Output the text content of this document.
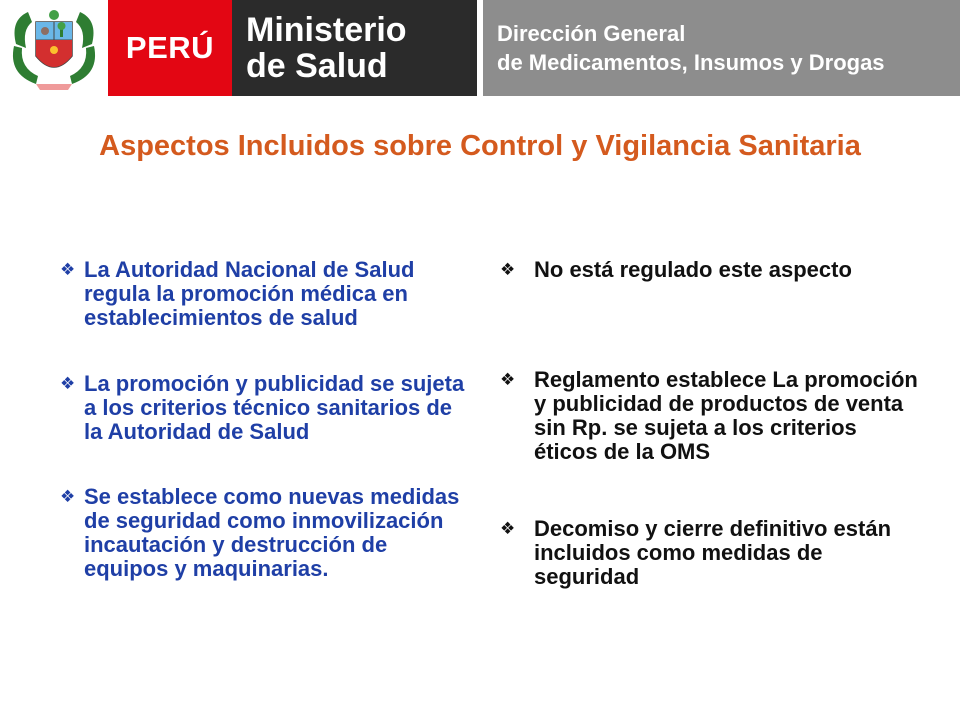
PERÚ Ministerio
de Salud
Dirección General
de Medicamentos, Insumos y Drogas
Aspectos Incluidos sobre Control y Vigilancia Sanitaria
❖ La Autoridad Nacional de Salud regula la promoción médica en establecimientos de salud
❖ La promoción y publicidad se sujeta a los criterios técnico sanitarios de la Autoridad de Salud
❖ Se establece como nuevas medidas de seguridad como inmovilización incautación y destrucción de equipos y maquinarias.
❖ No está regulado este aspecto
❖ Reglamento establece La promoción y publicidad de productos de venta sin Rp. se sujeta a los criterios éticos de la OMS
❖ Decomiso y cierre definitivo están incluidos como medidas de seguridad
